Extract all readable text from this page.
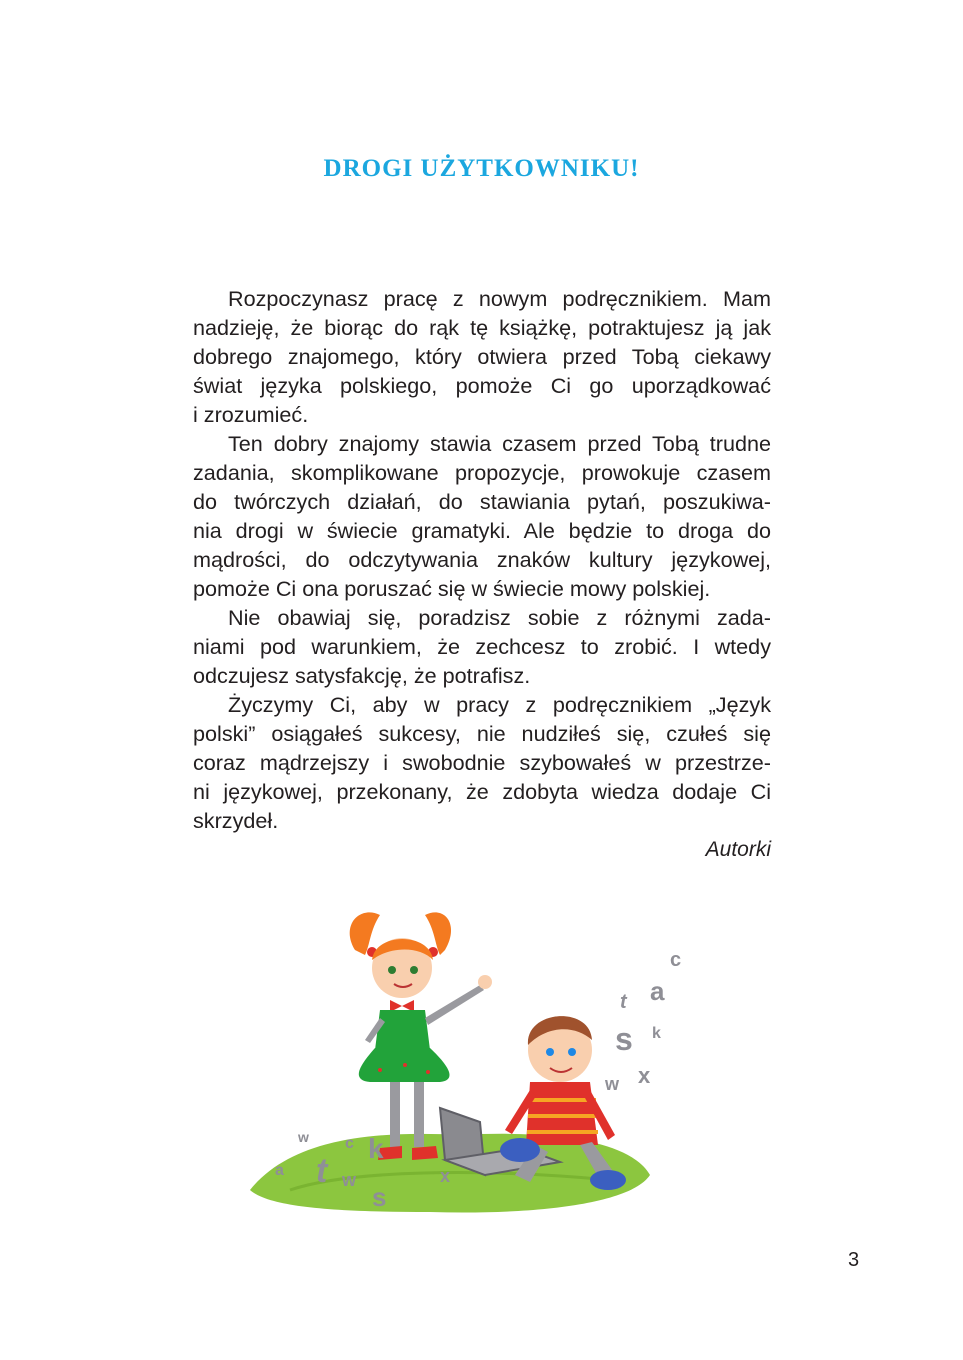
DROGI UŻYTKOWNIKU!

Rozpoczynasz pracę z nowym podręcznikiem. Mam
nadzieję, że biorąc do rąk tę książkę, potraktujesz ją jak
dobrego znajomego, który otwiera przed Tobą ciekawy
świat języka polskiego, pomoże Ci go uporządkować
i zrozumieć.

Ten dobry znajomy stawia czasem przed Tobą trudne
zadania, skomplikowane propozycje, prowokuje czasem
do twórczych działań, do stawiania pytań, poszukiwa-
nia drogi w świecie gramatyki. Ale będzie to droga do
mądrości, do odczytywania znaków kultury językowej,
pomoże Ci ona poruszać się w świecie mowy polskiej.

Nie obawiaj się, poradzisz sobie z różnymi zada-
niami pod warunkiem, że zechcesz to zrobić. I wtedy
odczujesz satysfakcję, że potrafisz.

Życzymy Ci, aby w pracy z podręcznikiem „Język
polski” osiągałeś sukcesy, nie nudziłeś się, czułeś się
coraz mądrzejszy i swobodnie szybowałeś w przestrze-
ni językowej, przekonany, że zdobyta wiedza dodaje Ci
skrzydeł.

Autorki

c
a
t
s k
w x
w c k
a t w
s
x

3
